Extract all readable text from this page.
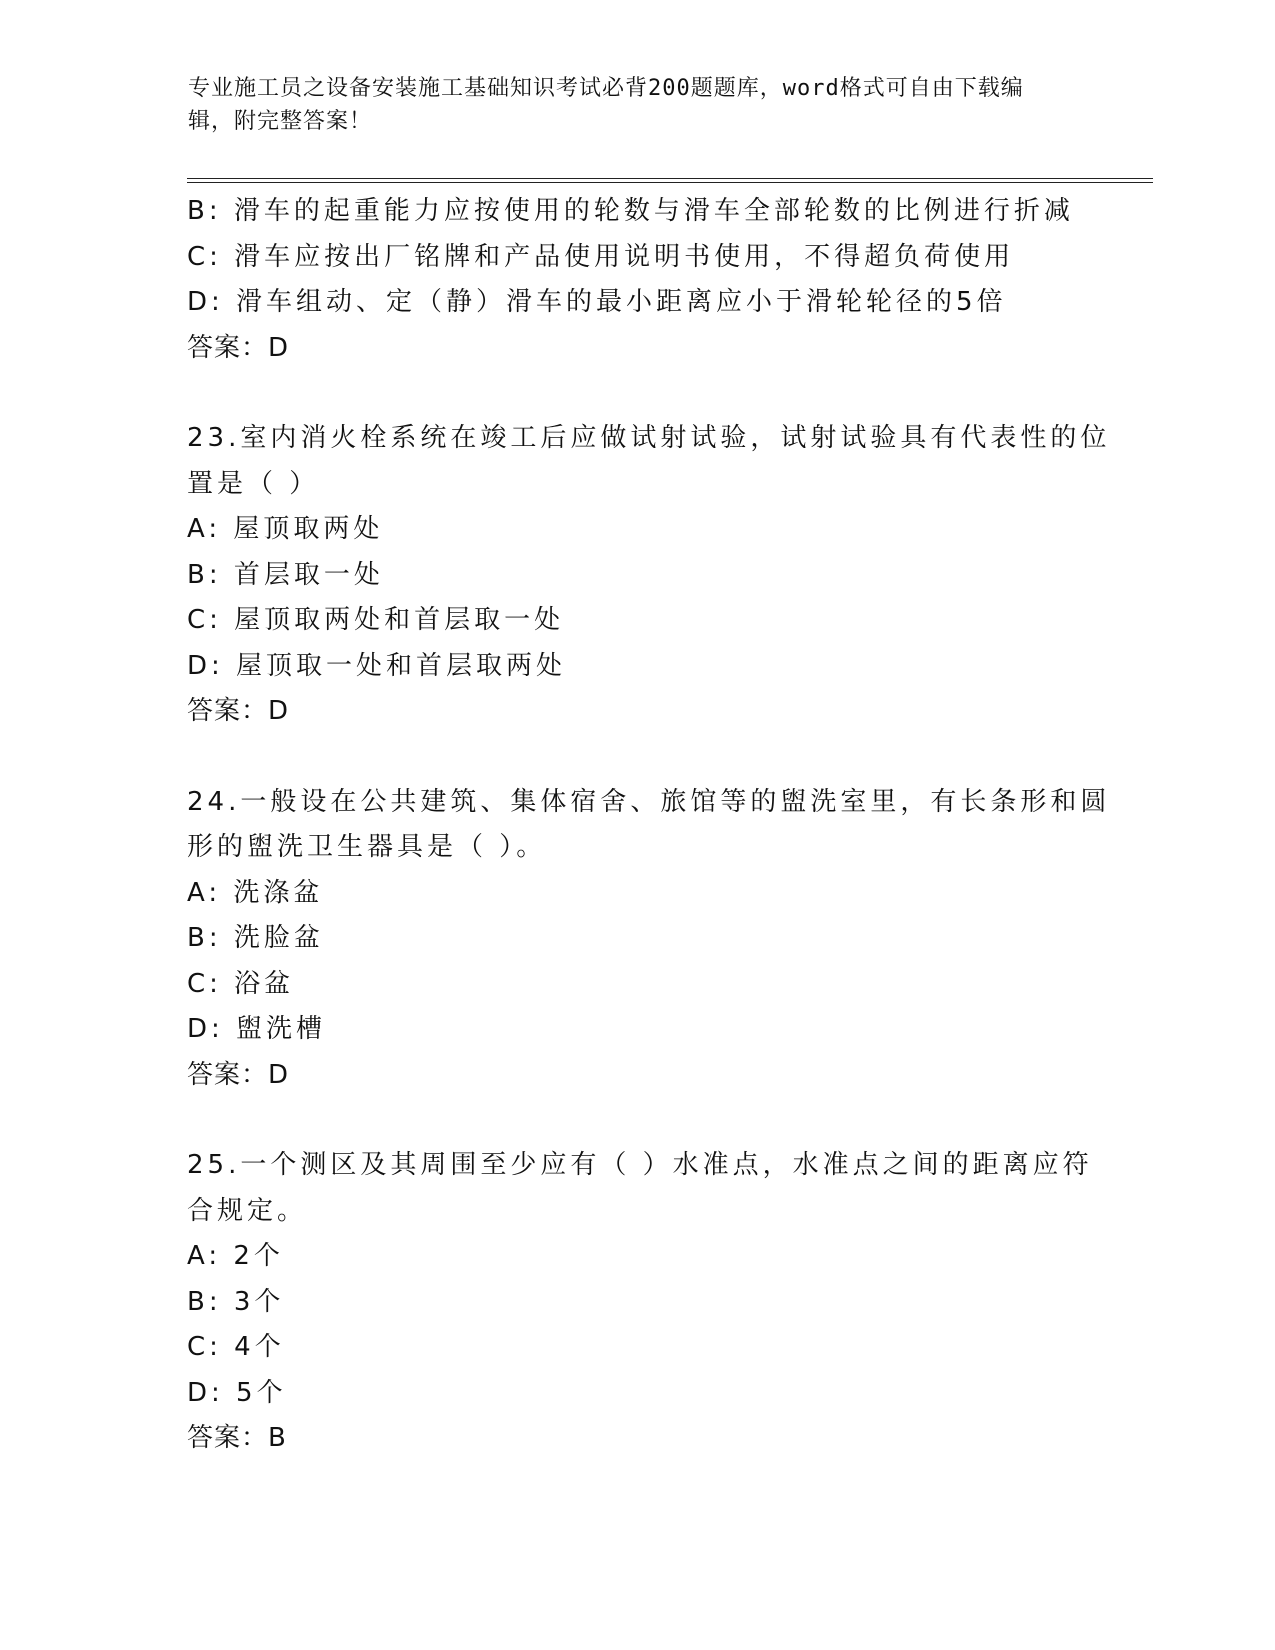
专业施工员之设备安装施工基础知识考试必背200题题库，word格式可自由下载编辑，附完整答案！
B: 滑车的起重能力应按使用的轮数与滑车全部轮数的比例进行折减
C: 滑车应按出厂铭牌和产品使用说明书使用，不得超负荷使用
D: 滑车组动、定（静）滑车的最小距离应小于滑轮轮径的5倍
答案：D
23.室内消火栓系统在竣工后应做试射试验，试射试验具有代表性的位
置是（ ）
A: 屋顶取两处
B: 首层取一处
C: 屋顶取两处和首层取一处
D: 屋顶取一处和首层取两处
答案：D
24.一般设在公共建筑、集体宿舍、旅馆等的盥洗室里，有长条形和圆
形的盥洗卫生器具是（ ）。
A: 洗涤盆
B: 洗脸盆
C: 浴盆
D: 盥洗槽
答案：D
25.一个测区及其周围至少应有（ ）水准点，水准点之间的距离应符
合规定。
A: 2个
B: 3个
C: 4个
D: 5个
答案：B
